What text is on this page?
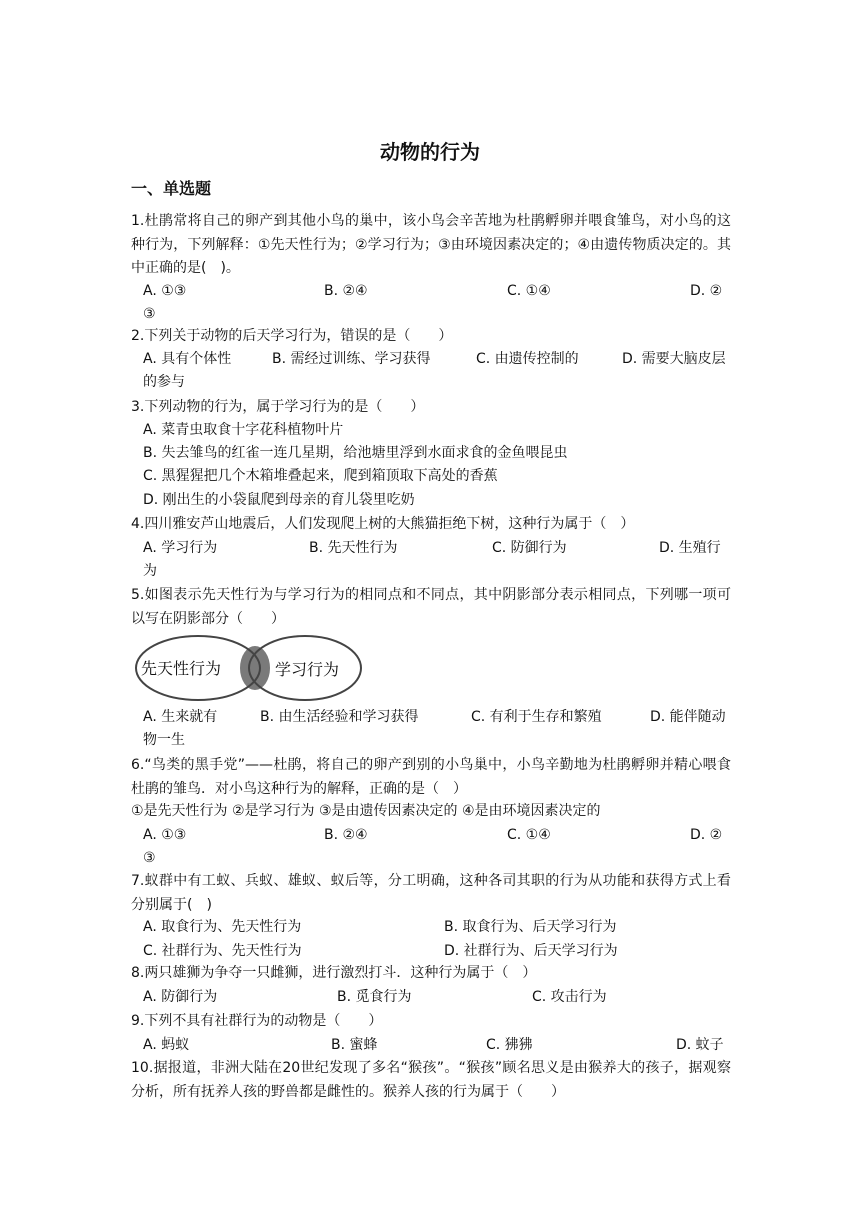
动物的行为
一、单选题
1.杜鹃常将自己的卵产到其他小鸟的巢中，该小鸟会辛苦地为杜鹃孵卵并喂食雏鸟，对小鸟的这种行为，下列解释：①先天性行为；②学习行为；③由环境因素决定的；④由遗传物质决定的。其中正确的是(　)。
A. ①③	B. ②④	C. ①④	D. ②
③
2.下列关于动物的后天学习行为，错误的是（　　）
A. 具有个体性	B. 需经过训练、学习获得	C. 由遗传控制的	D. 需要大脑皮层
的参与
3.下列动物的行为，属于学习行为的是（　　）
A. 菜青虫取食十字花科植物叶片
B. 失去雏鸟的红雀一连几星期，给池塘里浮到水面求食的金鱼喂昆虫
C. 黑猩猩把几个木箱堆叠起来，爬到箱顶取下高处的香蕉
D. 刚出生的小袋鼠爬到母亲的育儿袋里吃奶
4.四川雅安芦山地震后，人们发现爬上树的大熊猫拒绝下树，这种行为属于（　）
A. 学习行为	B. 先天性行为	C. 防御行为	D. 生殖行
为
5.如图表示先天性行为与学习行为的相同点和不同点，其中阴影部分表示相同点，下列哪一项可以写在阴影部分（　　）
先天性行为	学习行为
A. 生来就有	B. 由生活经验和学习获得	C. 有利于生存和繁殖	D. 能伴随动
物一生
6.“鸟类的黑手党”——杜鹃，将自己的卵产到别的小鸟巢中，小鸟辛勤地为杜鹃孵卵并精心喂食杜鹃的雏鸟．对小鸟这种行为的解释，正确的是（　）
①是先天性行为 ②是学习行为 ③是由遗传因素决定的 ④是由环境因素决定的
A. ①③	B. ②④	C. ①④	D. ②
③
7.蚁群中有工蚁、兵蚁、雄蚁、蚁后等，分工明确，这种各司其职的行为从功能和获得方式上看分别属于(　)
A. 取食行为、先天性行为	B. 取食行为、后天学习行为
C. 社群行为、先天性行为	D. 社群行为、后天学习行为
8.两只雄狮为争夺一只雌狮，进行激烈打斗．这种行为属于（　）
A. 防御行为	B. 觅食行为	C. 攻击行为
9.下列不具有社群行为的动物是（　　）
A. 蚂蚁	B. 蜜蜂	C. 狒狒	D. 蚊子
10.据报道，非洲大陆在20世纪发现了多名“猴孩”。“猴孩”顾名思义是由猴养大的孩子，据观察分析，所有抚养人孩的野兽都是雌性的。猴养人孩的行为属于（　　）
